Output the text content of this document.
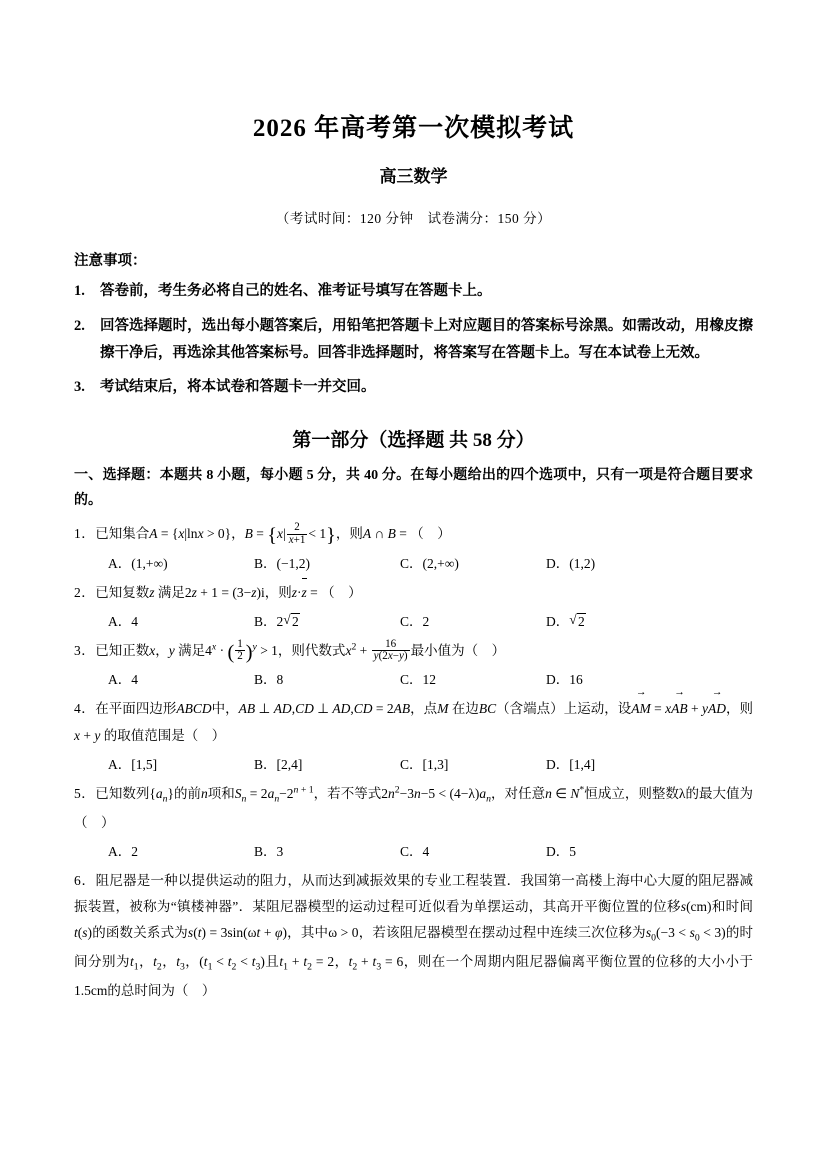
2026 年高考第一次模拟考试
高三数学
（考试时间：120 分钟　试卷满分：150 分）
注意事项：
1. 答卷前，考生务必将自己的姓名、准考证号填写在答题卡上。
2. 回答选择题时，选出每小题答案后，用铅笔把答题卡上对应题目的答案标号涂黑。如需改动，用橡皮擦擦干净后，再选涂其他答案标号。回答非选择题时，将答案写在答题卡上。写在本试卷上无效。
3. 考试结束后，将本试卷和答题卡一并交回。
第一部分（选择题 共 58 分）
一、选择题：本题共 8 小题，每小题 5 分，共 40 分。在每小题给出的四个选项中，只有一项是符合题目要求的。
1．已知集合A = {x|lnx > 0}，$B = \{x| \frac{2}{x+1} < 1\}$，则A ∩ B = （　）
A．(1,+∞)	B．(−1,2)	C．(2,+∞)	D．(1,2)
2．已知复数z 满足2z + 1 = (3−z)i，则z·z = （　）
A．4	B．2 √ 2	C．2	D． √ 2
3．已知正数x，y 满足$4^x$ · ( $\frac{1}{2} )^y > 1$，则代数式$x^2 + \frac{16}{y(2x-y)}$ 最小值为（　）
A．4	B．8	C．12	D．16
4．在平面四边形ABCD中，AB ⊥ AD,CD ⊥ AD,CD = 2AB，点M 在边BC（含端点）上运动，设AM → = xAB → + yAD →，则x + y 的取值范围是（　）
A．[1,5]	B．[2,4]	C．[1,3]	D．[1,4]
5．已知数列$\{a_n\}$的前n项和$S_n = 2a_n-2^{n + 1}$，若不等式$2n^2-3n-5 < (4-\lambda)a_n$，对任意n ∈ N*恒成立，则整数λ的最大值为（　）
A．2	B．3	C．4	D．5
6．阻尼器是一种以提供运动的阻力，从而达到减振效果的专业工程装置．我国第一高楼上海中心大厦的阻尼器减振装置，被称为“镇楼神器”．某阻尼器模型的运动过程可近似看为单摆运动，其高开平衡位置的位移s(cm)和时间t(s)的函数关系式为s(t) = 3sin(ωt + φ)，其中ω > 0，若该阻尼器模型在摆动过程中连续三次位移为$s_0(-3 < s_0 < 3)$的时间分别为$t_1$，$t_2$，$t_3$，$(t_1 < t_2 < t_3)$且$t_1 + t_2 = 2$，$t_2 + t_3 = 6$，则在一个周期内阻尼器偏离平衡位置的位移的大小小于1.5cm的总时间为（　）
